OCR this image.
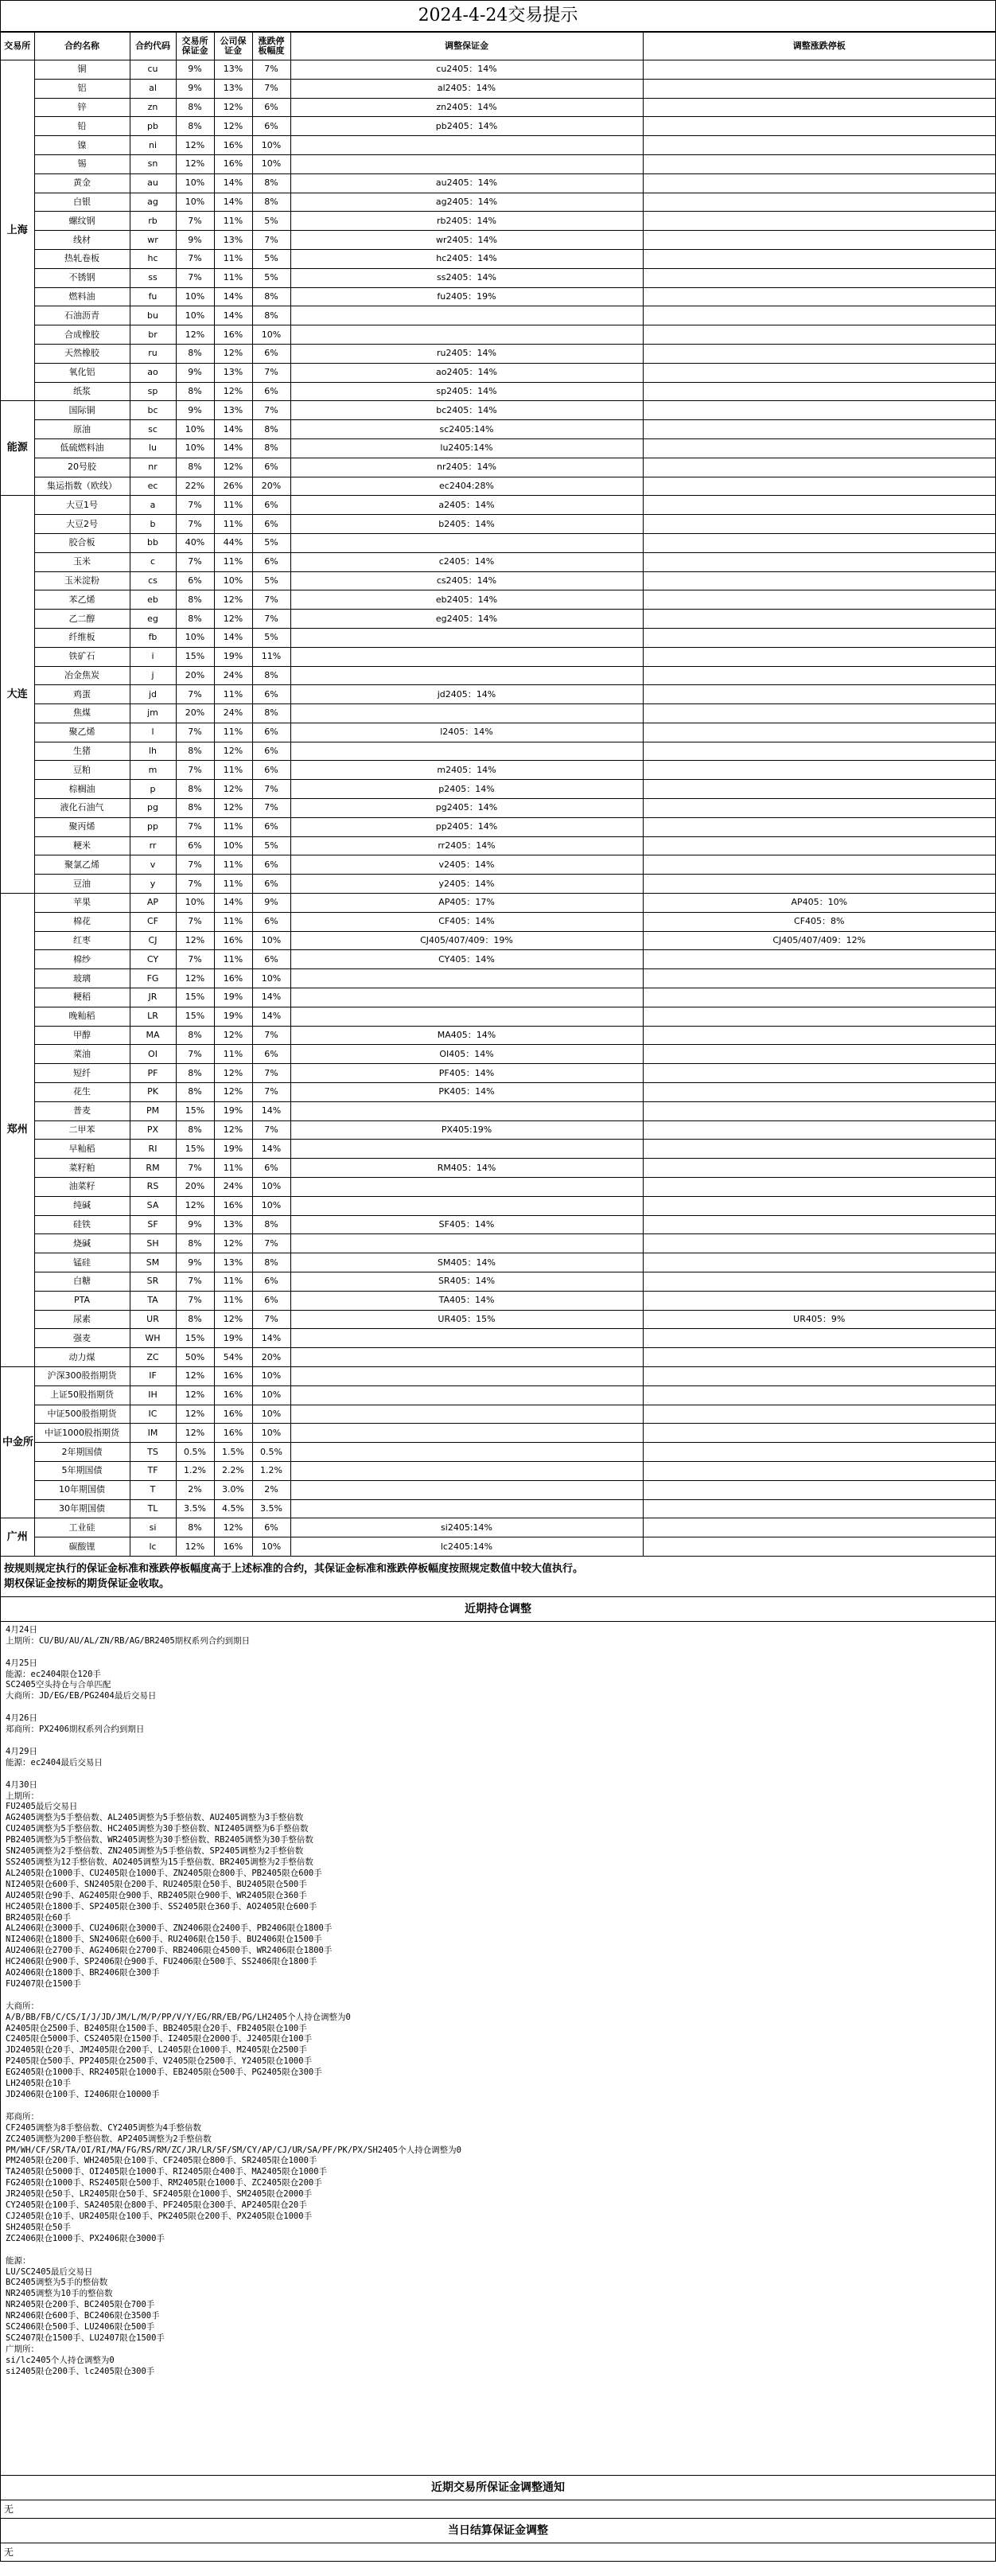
2024-4-24交易提示
交易所	合约名称	合约代码	交易所保证金	公司保证金	涨跌停板幅度	调整保证金	调整涨跌停板
上海	铜	cu	9%	13%	7%	cu2405：14%	
	铝	al	9%	13%	7%	al2405：14%	
	锌	zn	8%	12%	6%	zn2405：14%	
	铅	pb	8%	12%	6%	pb2405：14%	
	镍	ni	12%	16%	10%		
	锡	sn	12%	16%	10%		
	黄金	au	10%	14%	8%	au2405：14%	
	白银	ag	10%	14%	8%	ag2405：14%	
	螺纹钢	rb	7%	11%	5%	rb2405：14%	
	线材	wr	9%	13%	7%	wr2405：14%	
	热轧卷板	hc	7%	11%	5%	hc2405：14%	
	不锈钢	ss	7%	11%	5%	ss2405：14%	
	燃料油	fu	10%	14%	8%	fu2405：19%	
	石油沥青	bu	10%	14%	8%		
	合成橡胶	br	12%	16%	10%		
	天然橡胶	ru	8%	12%	6%	ru2405：14%	
	氧化铝	ao	9%	13%	7%	ao2405：14%	
	纸浆	sp	8%	12%	6%	sp2405：14%	
能源	国际铜	bc	9%	13%	7%	bc2405：14%	
	原油	sc	10%	14%	8%	sc2405:14%	
	低硫燃料油	lu	10%	14%	8%	lu2405:14%	
	20号胶	nr	8%	12%	6%	nr2405：14%	
	集运指数（欧线）	ec	22%	26%	20%	ec2404:28%	
大连	大豆1号	a	7%	11%	6%	a2405：14%	
	大豆2号	b	7%	11%	6%	b2405：14%	
	胶合板	bb	40%	44%	5%		
	玉米	c	7%	11%	6%	c2405：14%	
	玉米淀粉	cs	6%	10%	5%	cs2405：14%	
	苯乙烯	eb	8%	12%	7%	eb2405：14%	
	乙二醇	eg	8%	12%	7%	eg2405：14%	
	纤维板	fb	10%	14%	5%		
	铁矿石	i	15%	19%	11%		
	冶金焦炭	j	20%	24%	8%		
	鸡蛋	jd	7%	11%	6%	jd2405：14%	
	焦煤	jm	20%	24%	8%		
	聚乙烯	l	7%	11%	6%	l2405：14%	
	生猪	lh	8%	12%	6%		
	豆粕	m	7%	11%	6%	m2405：14%	
	棕榈油	p	8%	12%	7%	p2405：14%	
	液化石油气	pg	8%	12%	7%	pg2405：14%	
	聚丙烯	pp	7%	11%	6%	pp2405：14%	
	粳米	rr	6%	10%	5%	rr2405：14%	
	聚氯乙烯	v	7%	11%	6%	v2405：14%	
	豆油	y	7%	11%	6%	y2405：14%	
郑州	苹果	AP	10%	14%	9%	AP405：17%	AP405：10%
	棉花	CF	7%	11%	6%	CF405：14%	CF405：8%
	红枣	CJ	12%	16%	10%	CJ405/407/409：19%	CJ405/407/409：12%
	棉纱	CY	7%	11%	6%	CY405：14%	
	玻璃	FG	12%	16%	10%		
	粳稻	JR	15%	19%	14%		
	晚籼稻	LR	15%	19%	14%		
	甲醇	MA	8%	12%	7%	MA405：14%	
	菜油	OI	7%	11%	6%	OI405：14%	
	短纤	PF	8%	12%	7%	PF405：14%	
	花生	PK	8%	12%	7%	PK405：14%	
	普麦	PM	15%	19%	14%		
	二甲苯	PX	8%	12%	7%	PX405:19%	
	早籼稻	RI	15%	19%	14%		
	菜籽粕	RM	7%	11%	6%	RM405：14%	
	油菜籽	RS	20%	24%	10%		
	纯碱	SA	12%	16%	10%		
	硅铁	SF	9%	13%	8%	SF405：14%	
	烧碱	SH	8%	12%	7%		
	锰硅	SM	9%	13%	8%	SM405：14%	
	白糖	SR	7%	11%	6%	SR405：14%	
	PTA	TA	7%	11%	6%	TA405：14%	
	尿素	UR	8%	12%	7%	UR405：15%	UR405：9%
	强麦	WH	15%	19%	14%		
	动力煤	ZC	50%	54%	20%		
中金所	沪深300股指期货	IF	12%	16%	10%		
	上证50股指期货	IH	12%	16%	10%		
	中证500股指期货	IC	12%	16%	10%		
	中证1000股指期货	IM	12%	16%	10%		
	2年期国债	TS	0.5%	1.5%	0.5%		
	5年期国债	TF	1.2%	2.2%	1.2%		
	10年期国债	T	2%	3.0%	2%		
	30年期国债	TL	3.5%	4.5%	3.5%		
广州	工业硅	si	8%	12%	6%	si2405:14%	
	碳酸锂	lc	12%	16%	10%	lc2405:14%	
按规则规定执行的保证金标准和涨跌停板幅度高于上述标准的合约，其保证金标准和涨跌停板幅度按照规定数值中较大值执行。
期权保证金按标的期货保证金收取。
近期持仓调整
4月24日
上期所：CU/BU/AU/AL/ZN/RB/AG/BR2405期权系列合约到期日

4月25日
能源：ec2404限仓120手
SC2405空头持仓与合单匹配
大商所：JD/EG/EB/PG2404最后交易日

4月26日
郑商所：PX2406期权系列合约到期日

4月29日
能源：ec2404最后交易日

4月30日
上期所：
FU2405最后交易日
AG2405调整为5手整倍数、AL2405调整为5手整倍数、AU2405调整为3手整倍数
CU2405调整为5手整倍数、HC2405调整为30手整倍数、NI2405调整为6手整倍数
PB2405调整为5手整倍数、WR2405调整为30手整倍数、RB2405调整为30手整倍数
SN2405调整为2手整倍数、ZN2405调整为5手整倍数、SP2405调整为2手整倍数
SS2405调整为12手整倍数、AO2405调整为15手整倍数、BR2405调整为2手整倍数
AL2405限仓1000手、CU2405限仓1000手、ZN2405限仓800手、PB2405限仓600手
NI2405限仓600手、SN2405限仓200手、RU2405限仓50手、BU2405限仓500手
AU2405限仓90手、AG2405限仓900手、RB2405限仓900手、WR2405限仓360手
HC2405限仓1800手、SP2405限仓300手、SS2405限仓360手、AO2405限仓600手
BR2405限仓60手
AL2406限仓3000手、CU2406限仓3000手、ZN2406限仓2400手、PB2406限仓1800手
NI2406限仓1800手、SN2406限仓600手、RU2406限仓150手、BU2406限仓1500手
AU2406限仓2700手、AG2406限仓2700手、RB2406限仓4500手、WR2406限仓1800手
HC2406限仓900手、SP2406限仓900手、FU2406限仓500手、SS2406限仓1800手
AO2406限仓1800手、BR2406限仓300手
FU2407限仓1500手

大商所：
A/B/BB/FB/C/CS/I/J/JD/JM/L/M/P/PP/V/Y/EG/RR/EB/PG/LH2405个人持仓调整为0
A2405限仓2500手、B2405限仓1500手、BB2405限仓20手、FB2405限仓100手
C2405限仓5000手、CS2405限仓1500手、I2405限仓2000手、J2405限仓100手
JD2405限仓20手、JM2405限仓200手、L2405限仓1000手、M2405限仓2500手
P2405限仓500手、PP2405限仓2500手、V2405限仓2500手、Y2405限仓1000手
EG2405限仓1000手、RR2405限仓1000手、EB2405限仓500手、PG2405限仓300手
LH2405限仓10手
JD2406限仓100手、I2406限仓10000手

郑商所：
CF2405调整为8手整倍数、CY2405调整为4手整倍数
ZC2405调整为200手整倍数、AP2405调整为2手整倍数
PM/WH/CF/SR/TA/OI/RI/MA/FG/RS/RM/ZC/JR/LR/SF/SM/CY/AP/CJ/UR/SA/PF/PK/PX/SH2405个人持仓调整为0
PM2405限仓200手、WH2405限仓100手、CF2405限仓800手、SR2405限仓1000手
TA2405限仓5000手、OI2405限仓1000手、RI2405限仓400手、MA2405限仓1000手
FG2405限仓1000手、RS2405限仓500手、RM2405限仓1000手、ZC2405限仓200手
JR2405限仓50手、LR2405限仓50手、SF2405限仓1000手、SM2405限仓2000手
CY2405限仓100手、SA2405限仓800手、PF2405限仓300手、AP2405限仓20手
CJ2405限仓10手、UR2405限仓100手、PK2405限仓200手、PX2405限仓1000手
SH2405限仓50手
ZC2406限仓1000手、PX2406限仓3000手

能源：
LU/SC2405最后交易日
BC2405调整为5手的整倍数
NR2405调整为10手的整倍数
NR2405限仓200手、BC2405限仓700手
NR2406限仓600手、BC2406限仓3500手
SC2406限仓500手、LU2406限仓500手
SC2407限仓1500手、LU2407限仓1500手
广期所：
si/lc2405个人持仓调整为0
si2405限仓200手、lc2405限仓300手
近期交易所保证金调整通知
无
当日结算保证金调整
无
